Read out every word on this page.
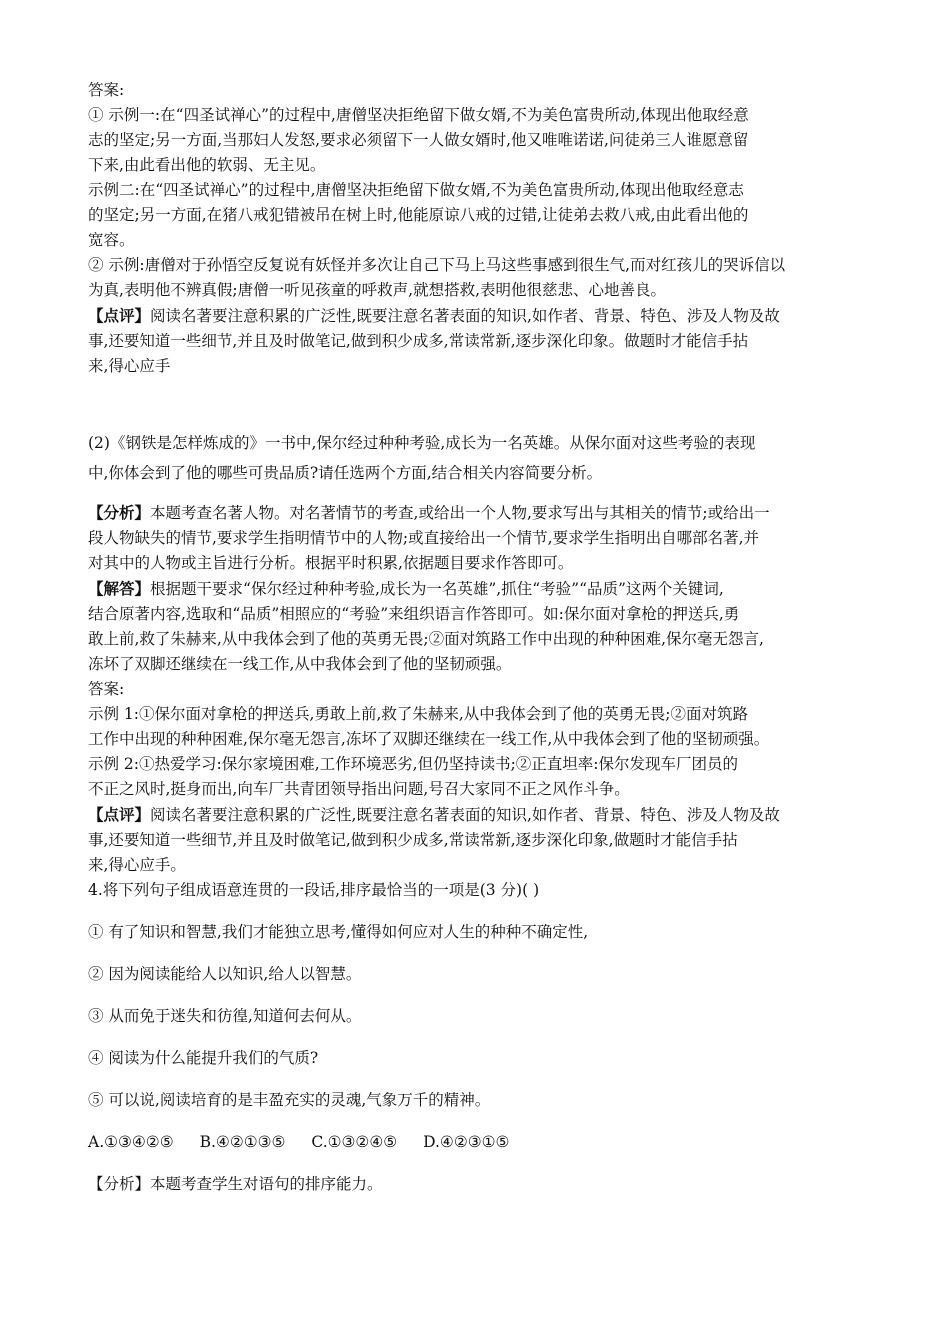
答案:

① 示例一:在“四圣试禅心”的过程中,唐僧坚决拒绝留下做女婿,不为美色富贵所动,体现出他取经意

志的坚定;另一方面,当那妇人发怒,要求必须留下一人做女婿时,他又唯唯诺诺,问徒弟三人谁愿意留

下来,由此看出他的软弱、无主见。

示例二:在“四圣试禅心”的过程中,唐僧坚决拒绝留下做女婿,不为美色富贵所动,体现出他取经意志

的坚定;另一方面,在猪八戒犯错被吊在树上时,他能原谅八戒的过错,让徒弟去救八戒,由此看出他的

宽容。

② 示例:唐僧对于孙悟空反复说有妖怪并多次让自己下马上马这些事感到很生气,而对红孩儿的哭诉信以

为真,表明他不辨真假;唐僧一听见孩童的呼救声,就想搭救,表明他很慈悲、心地善良。

【点评】阅读名著要注意积累的广泛性,既要注意名著表面的知识,如作者、背景、特色、涉及人物及故

事,还要知道一些细节,并且及时做笔记,做到积少成多,常读常新,逐步深化印象。做题时才能信手拈

来,得心应手

(2)《钢铁是怎样炼成的》一书中,保尔经过种种考验,成长为一名英雄。从保尔面对这些考验的表现

中,你体会到了他的哪些可贵品质?请任选两个方面,结合相关内容简要分析。

【分析】本题考查名著人物。对名著情节的考查,或给出一个人物,要求写出与其相关的情节;或给出一

段人物缺失的情节,要求学生指明情节中的人物;或直接给出一个情节,要求学生指明出自哪部名著,并

对其中的人物或主旨进行分析。根据平时积累,依据题目要求作答即可。

【解答】根据题干要求“保尔经过种种考验,成长为一名英雄”,抓住“考验”“品质”这两个关键词,

结合原著内容,选取和“品质”相照应的“考验”来组织语言作答即可。如:保尔面对拿枪的押送兵,勇

敢上前,救了朱赫来,从中我体会到了他的英勇无畏;②面对筑路工作中出现的种种困难,保尔毫无怨言,

冻坏了双脚还继续在一线工作,从中我体会到了他的坚韧顽强。

答案:

示例 1:①保尔面对拿枪的押送兵,勇敢上前,救了朱赫来,从中我体会到了他的英勇无畏;②面对筑路

工作中出现的种种困难,保尔毫无怨言,冻坏了双脚还继续在一线工作,从中我体会到了他的坚韧顽强。

示例 2:①热爱学习:保尔家境困难,工作环境恶劣,但仍坚持读书;②正直坦率:保尔发现车厂团员的

不正之风时,挺身而出,向车厂共青团领导指出问题,号召大家同不正之风作斗争。

【点评】阅读名著要注意积累的广泛性,既要注意名著表面的知识,如作者、背景、特色、涉及人物及故

事,还要知道一些细节,并且及时做笔记,做到积少成多,常读常新,逐步深化印象,做题时才能信手拈

来,得心应手。

4.将下列句子组成语意连贯的一段话,排序最恰当的一项是(3 分)( )

① 有了知识和智慧,我们才能独立思考,懂得如何应对人生的种种不确定性,

② 因为阅读能给人以知识,给人以智慧。

③ 从而免于迷失和彷徨,知道何去何从。

④ 阅读为什么能提升我们的气质?

⑤ 可以说,阅读培育的是丰盈充实的灵魂,气象万千的精神。

A.①③④②⑤ B.④②①③⑤ C.①③②④⑤ D.④②③①⑤

【分析】本题考查学生对语句的排序能力。
